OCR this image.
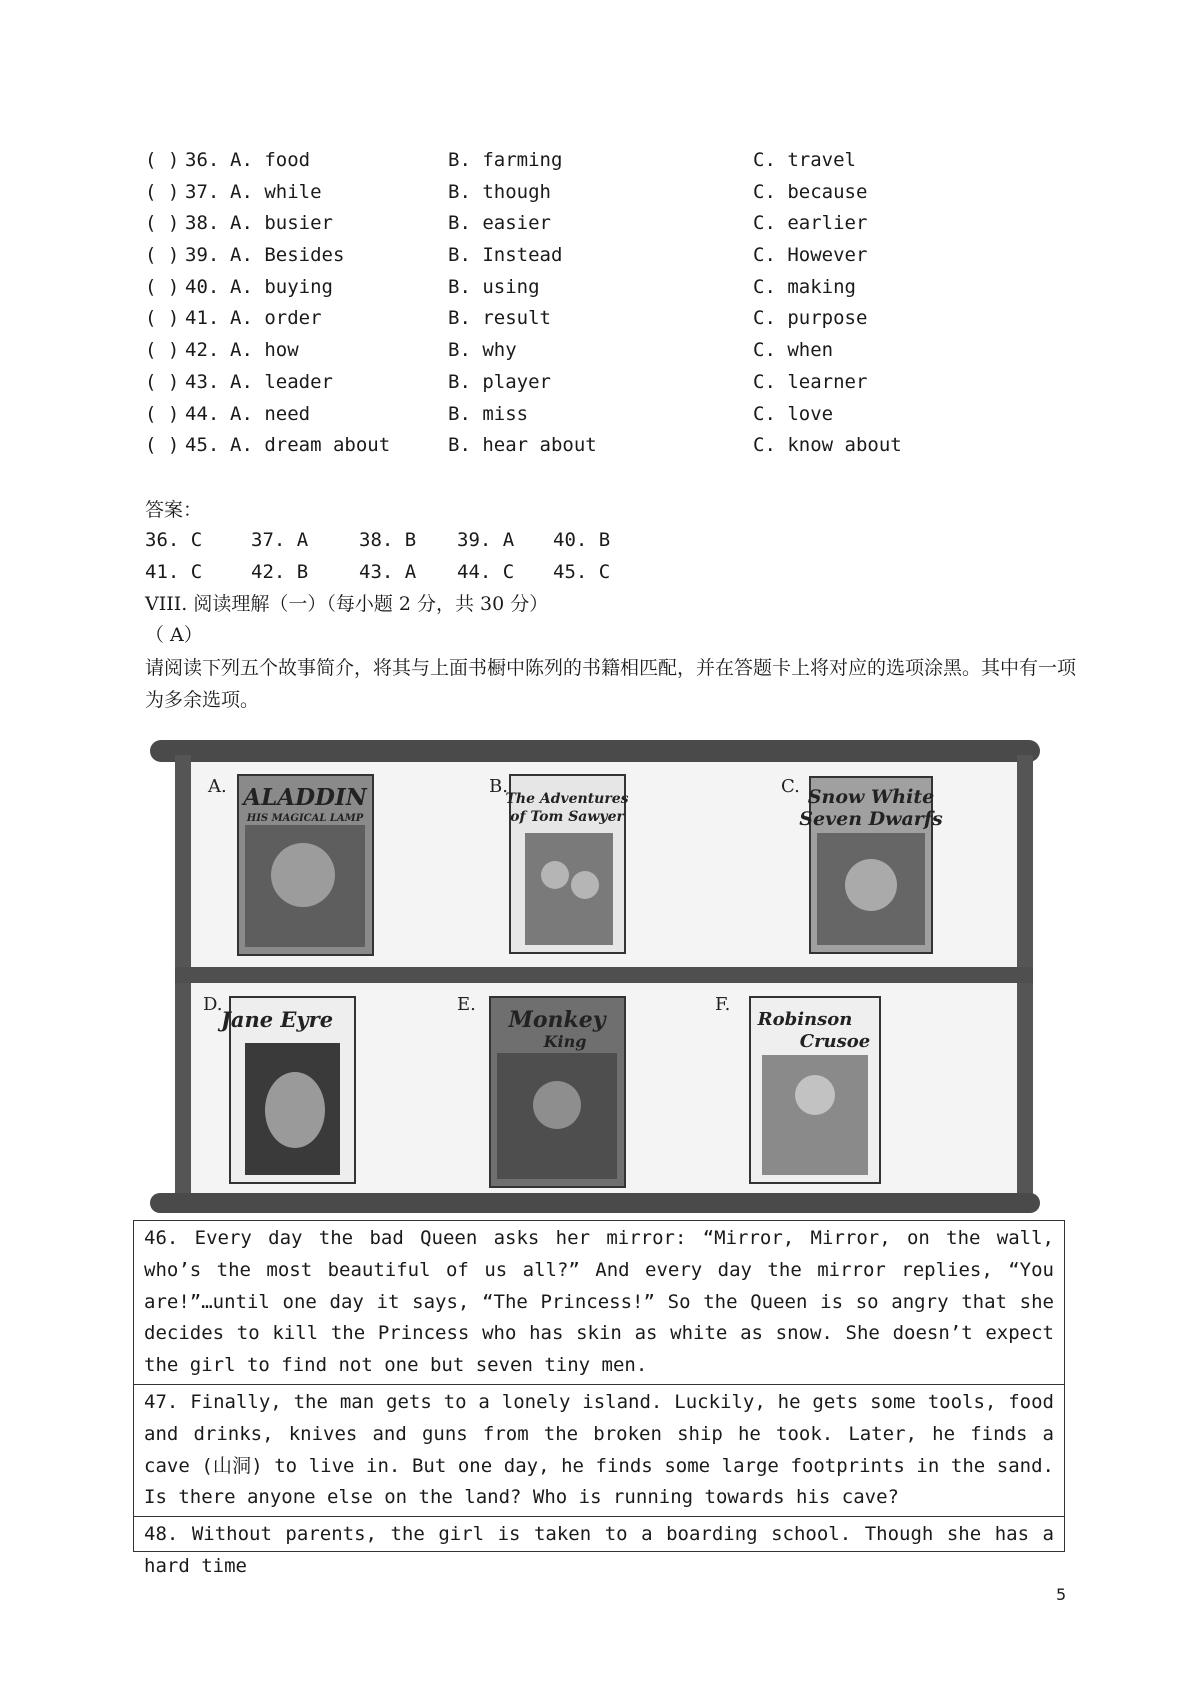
( ) 36. A. food	B. farming	C. travel
( ) 37. A. while	B. though	C. because
( ) 38. A. busier	B. easier	C. earlier
( ) 39. A. Besides	B. Instead	C. However
( ) 40. A. buying	B. using	C. making
( ) 41. A. order	B. result	C. purpose
( ) 42. A. how	B. why	C. when
( ) 43. A. leader	B. player	C. learner
( ) 44. A. need	B. miss	C. love
( ) 45. A. dream about	B. hear about	C. know about
答案：
36. C	37. A	38. B 39. A 40. B
41. C	42. B	43. A 44. C 45. C
VIII. 阅读理解（一）（每小题 2 分，共 30 分）
（ A）
请阅读下列五个故事简介，将其与上面书橱中陈列的书籍相匹配，并在答题卡上将对应的选项涂黑。其中有一项为多余选项。
A. ALADDIN
HIS MAGICAL LAMP
B.
The Adventures
of Tom Sawyer
C. Snow White
Seven Dwarfs
D.
Jane Eyre
E.
Monkey
King
F.
Robinson
Crusoe
46. Every day the bad Queen asks her mirror: “Mirror, Mirror, on the wall, who’s the most beautiful of us all?” And every day the mirror replies, “You are!”…until one day it says, “The Princess!” So the Queen is so angry that she decides to kill the Princess who has skin as white as snow. She doesn’t expect the girl to find not one but seven tiny men.
47. Finally, the man gets to a lonely island. Luckily, he gets some tools, food and drinks, knives and guns from the broken ship he took. Later, he finds a cave (山洞) to live in. But one day, he finds some large footprints in the sand. Is there anyone else on the land? Who is running towards his cave?
48. Without parents, the girl is taken to a boarding school. Though she has a hard time
5
